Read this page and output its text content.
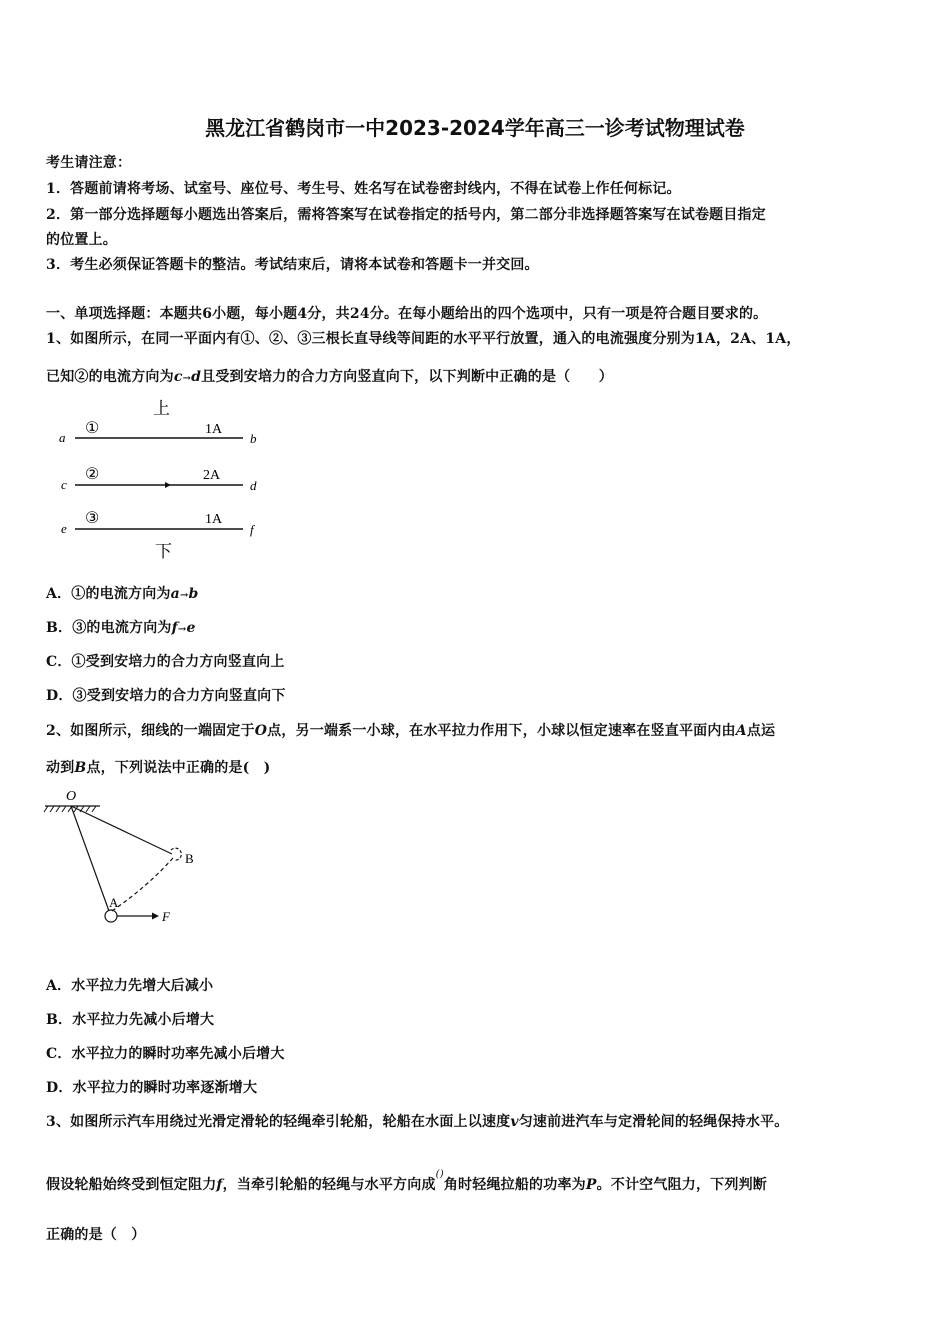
黑龙江省鹤岗市一中2023-2024学年高三一诊考试物理试卷
考生请注意：
1．答题前请将考场、试室号、座位号、考生号、姓名写在试卷密封线内，不得在试卷上作任何标记。
2．第一部分选择题每小题选出答案后，需将答案写在试卷指定的括号内，第二部分非选择题答案写在试卷题目指定
的位置上。
3．考生必须保证答题卡的整洁。考试结束后，请将本试卷和答题卡一并交回。
一、单项选择题：本题共6小题，每小题4分，共24分。在每小题给出的四个选项中，只有一项是符合题目要求的。
1、如图所示，在同一平面内有①、②、③三根长直导线等间距的水平平行放置，通入的电流强度分别为1A，2A、1A，
已知②的电流方向为c→d且受到安培力的合力方向竖直向下，以下判断中正确的是（　　）
上
a
①	1A
b
c
②	2A
d
e
③	1A
f
下
A．①的电流方向为a→b
B．③的电流方向为f→e
C．①受到安培力的合力方向竖直向上
D．③受到安培力的合力方向竖直向下
2、如图所示，细线的一端固定于O点，另一端系一小球，在水平拉力作用下，小球以恒定速率在竖直平面内由A点运
动到B点，下列说法中正确的是(　)
O
A
B
F
A．水平拉力先增大后减小
B．水平拉力先减小后增大
C．水平拉力的瞬时功率先减小后增大
D．水平拉力的瞬时功率逐渐增大
3、如图所示汽车用绕过光滑定滑轮的轻绳牵引轮船，轮船在水面上以速度v匀速前进汽车与定滑轮间的轻绳保持水平。
假设轮船始终受到恒定阻力f，当牵引轮船的轻绳与水平方向成()角时轻绳拉船的功率为P。不计空气阻力，下列判断
正确的是（　）
